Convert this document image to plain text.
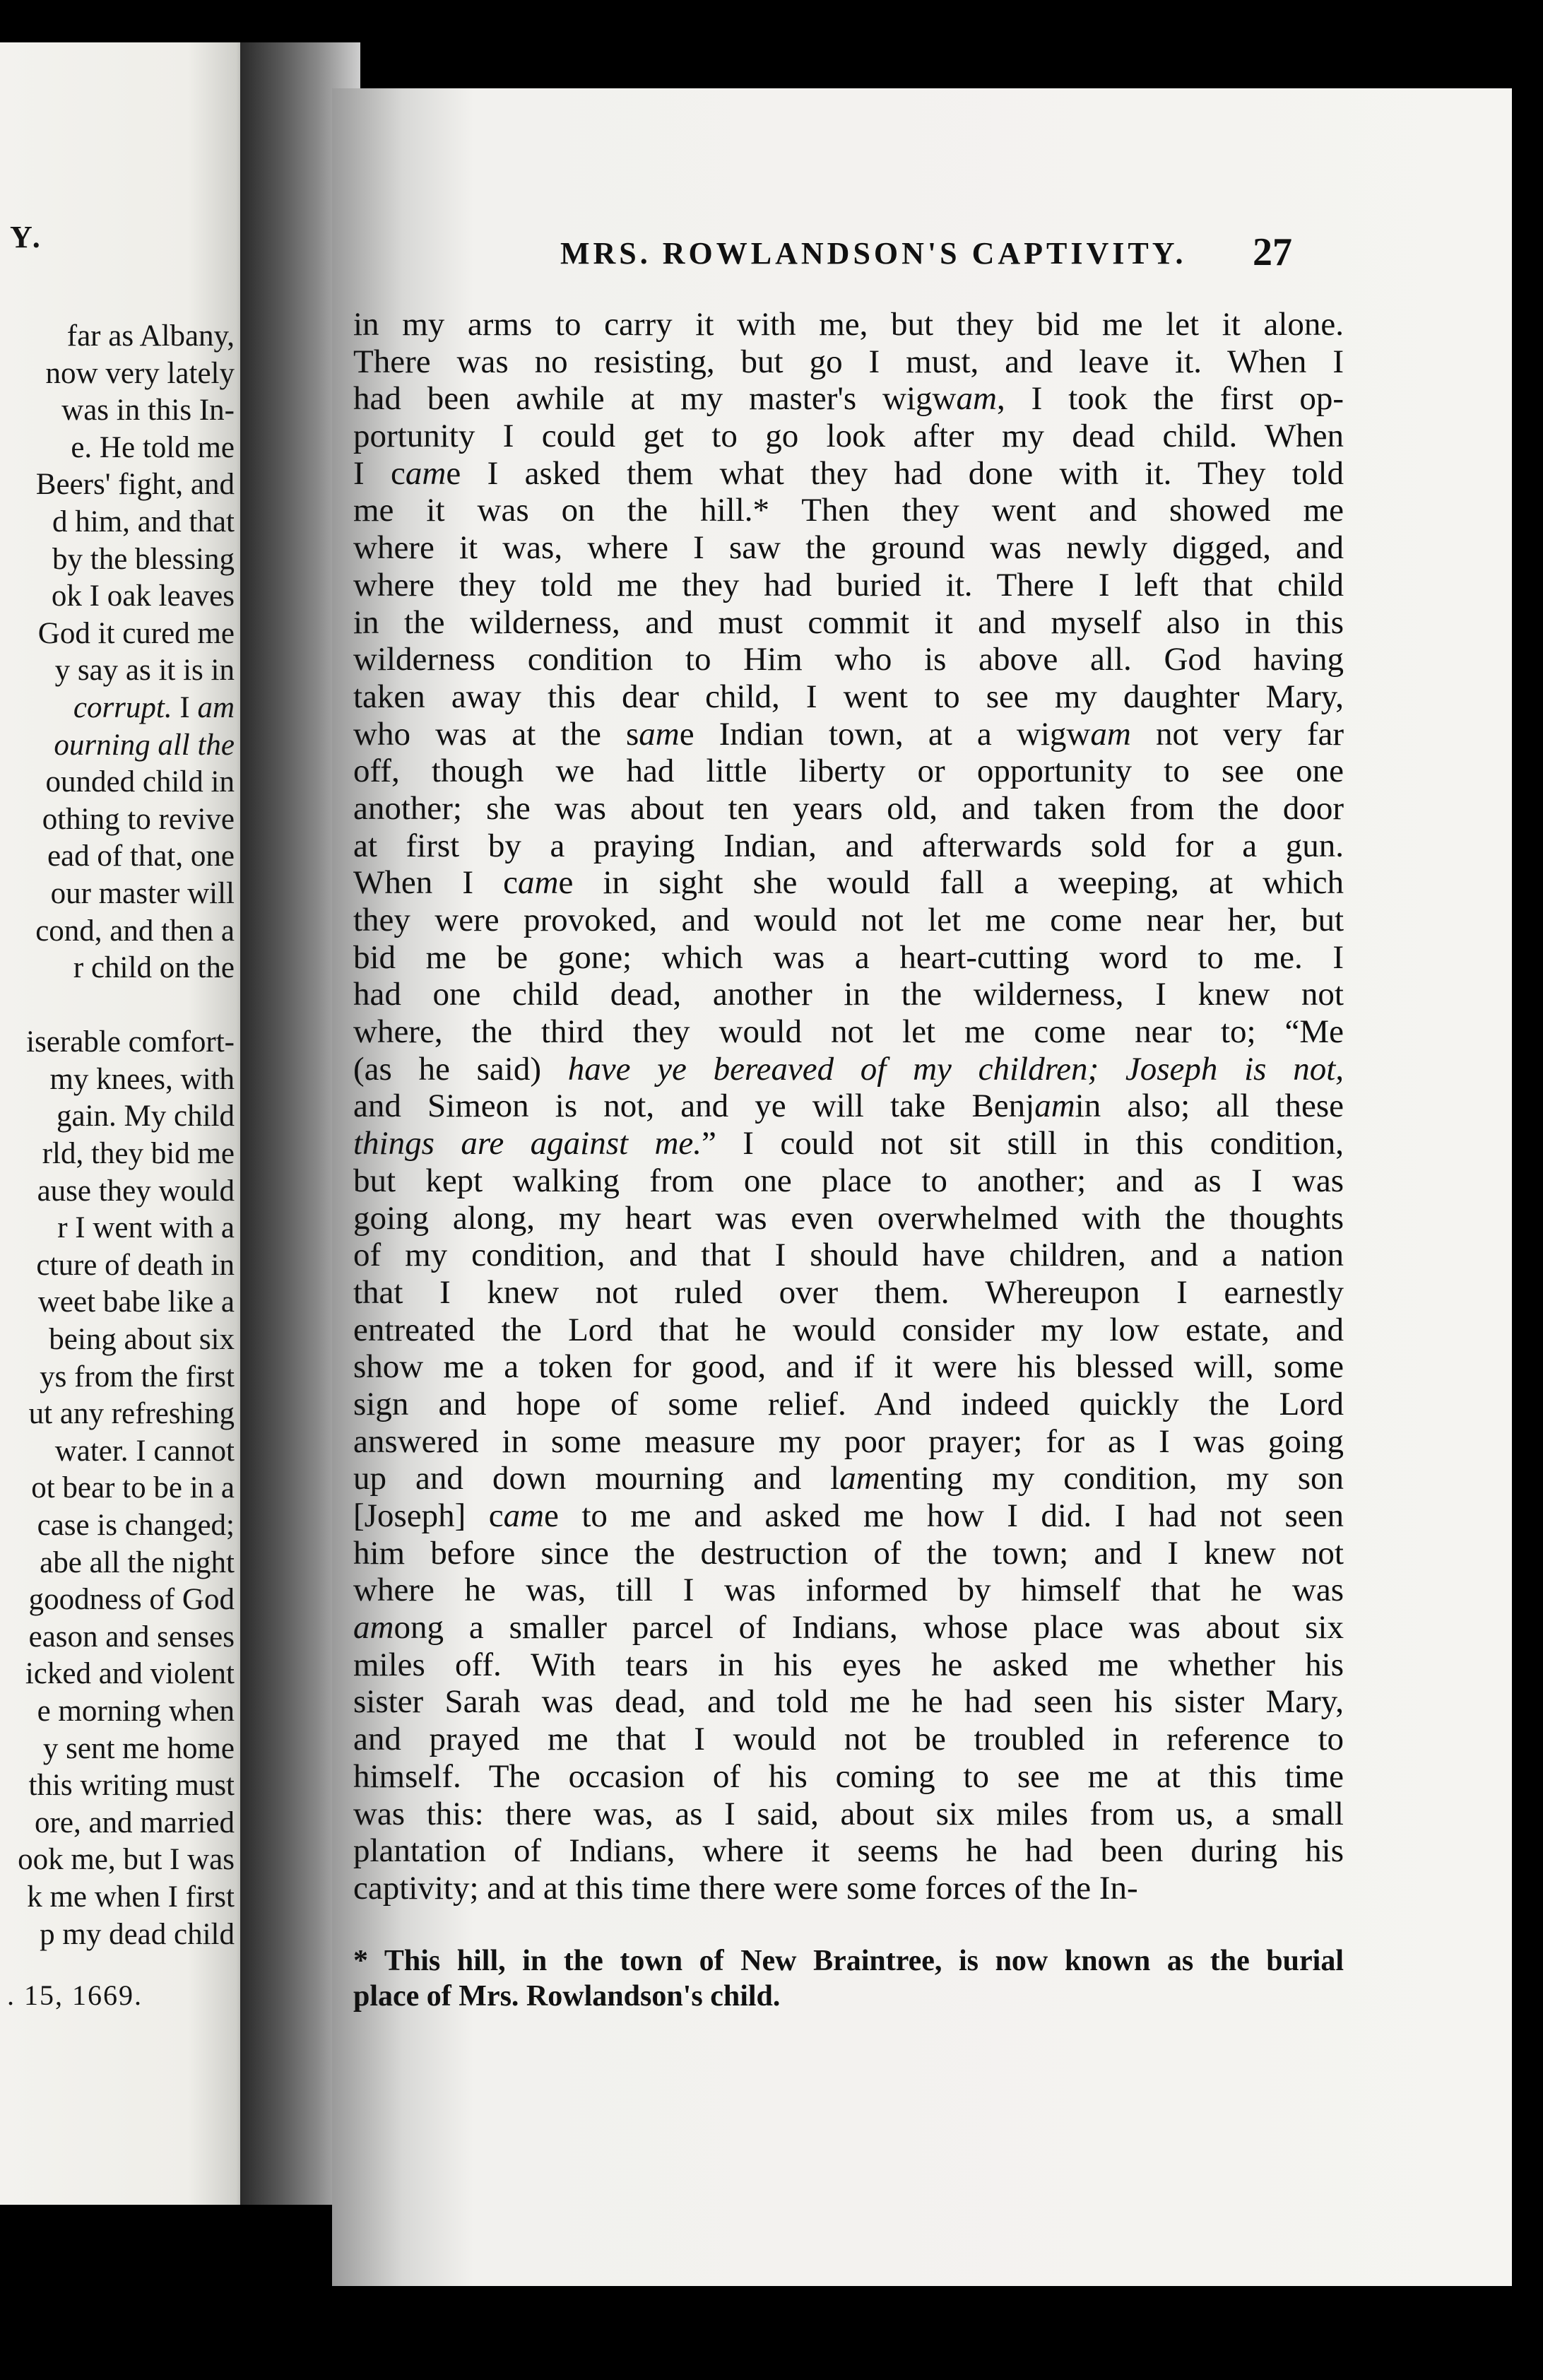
Y.
far as Albany,
now very lately
was in this In-
e. He told me
Beers' fight, and
d him, and that
by the blessing
ok I oak leaves
God it cured me
y say as it is in
corrupt. I am
ourning all the
ounded child in
othing to revive
ead of that, one
our master will
cond, and then a
r child on the
iserable comfort-
my knees, with
gain. My child
rld, they bid me
ause they would
r I went with a
cture of death in
weet babe like a
being about six
ys from the first
ut any refreshing
water. I cannot
ot bear to be in a
case is changed;
abe all the night
goodness of God
eason and senses
icked and violent
e morning when
y sent me home
this writing must
ore, and married
ook me, but I was
k me when I first
p my dead child
. 15, 1669.
MRS. ROWLANDSON'S CAPTIVITY. 27
in my arms to carry it with me, but they bid me let it alone.
There was no resisting, but go I must, and leave it. When I
had been awhile at my master's wigwam, I took the first op-
portunity I could get to go look after my dead child. When
I came I asked them what they had done with it. They told
me it was on the hill.* Then they went and showed me
where it was, where I saw the ground was newly digged, and
where they told me they had buried it. There I left that child
in the wilderness, and must commit it and myself also in this
wilderness condition to Him who is above all. God having
taken away this dear child, I went to see my daughter Mary,
who was at the same Indian town, at a wigwam not very far
off, though we had little liberty or opportunity to see one
another; she was about ten years old, and taken from the door
at first by a praying Indian, and afterwards sold for a gun.
When I came in sight she would fall a weeping, at which
they were provoked, and would not let me come near her, but
bid me be gone; which was a heart-cutting word to me. I
had one child dead, another in the wilderness, I knew not
where, the third they would not let me come near to; “Me
(as he said) have ye bereaved of my children; Joseph is not,
and Simeon is not, and ye will take Benjamin also; all these
things are against me.” I could not sit still in this condition,
but kept walking from one place to another; and as I was
going along, my heart was even overwhelmed with the thoughts
of my condition, and that I should have children, and a nation
that I knew not ruled over them. Whereupon I earnestly
entreated the Lord that he would consider my low estate, and
show me a token for good, and if it were his blessed will, some
sign and hope of some relief. And indeed quickly the Lord
answered in some measure my poor prayer; for as I was going
up and down mourning and lamenting my condition, my son
[Joseph] came to me and asked me how I did. I had not seen
him before since the destruction of the town; and I knew not
where he was, till I was informed by himself that he was
among a smaller parcel of Indians, whose place was about six
miles off. With tears in his eyes he asked me whether his
sister Sarah was dead, and told me he had seen his sister Mary,
and prayed me that I would not be troubled in reference to
himself. The occasion of his coming to see me at this time
was this: there was, as I said, about six miles from us, a small
plantation of Indians, where it seems he had been during his
captivity; and at this time there were some forces of the In-
* This hill, in the town of New Braintree, is now known as the burial
place of Mrs. Rowlandson's child.
